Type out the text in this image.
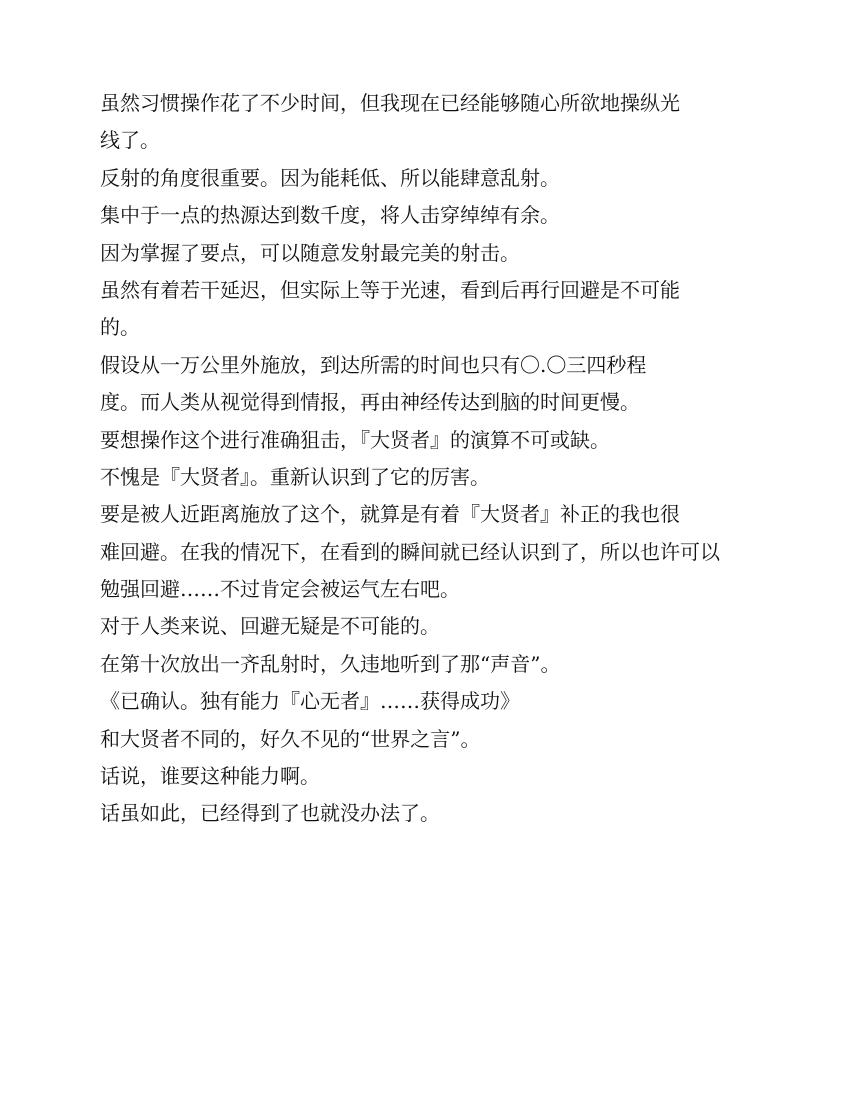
虽然习惯操作花了不少时间，但我现在已经能够随心所欲地操纵光
线了。
反射的角度很重要。因为能耗低、所以能肆意乱射。
集中于一点的热源达到数千度，将人击穿绰绰有余。
因为掌握了要点，可以随意发射最完美的射击。
虽然有着若干延迟，但实际上等于光速，看到后再行回避是不可能
的。
假设从一万公里外施放，到达所需的时间也只有〇.〇三四秒程
度。而人类从视觉得到情报，再由神经传达到脑的时间更慢。
要想操作这个进行准确狙击，『大贤者』的演算不可或缺。
不愧是『大贤者』。重新认识到了它的厉害。
要是被人近距离施放了这个，就算是有着『大贤者』补正的我也很
难回避。在我的情况下，在看到的瞬间就已经认识到了，所以也许可以
勉强回避……不过肯定会被运气左右吧。
对于人类来说、回避无疑是不可能的。
在第十次放出一齐乱射时，久违地听到了那“声音”。
《已确认。独有能力『心无者』……获得成功》
和大贤者不同的，好久不见的“世界之言”。
话说，谁要这种能力啊。
话虽如此，已经得到了也就没办法了。
